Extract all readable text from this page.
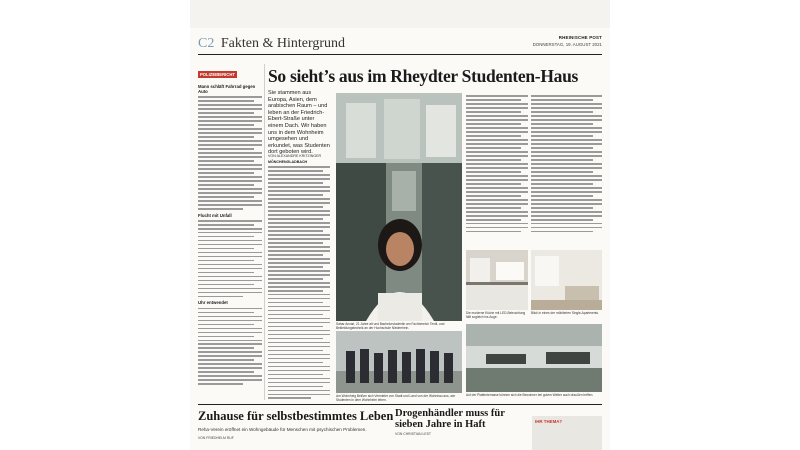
C2 Fakten & Hintergrund	RHEINISCHE POST
DONNERSTAG, 19. AUGUST 2021
POLIZEIBERICHT
Mann schläft Fahrrad gegen Auto
Flucht mit Unfall
Uhr entwendet
So sieht’s aus im Rheydter Studenten-Haus
Sie stammen aus Europa, Asien, dem arabischen Raum – und leben an der Friedrich-Ebert-Straße unter einem Dach. Wir haben uns in dem Wohnheim umgesehen und erkundet, was Studenten dort geboten wird.
VON ALEXANDRE KRITZINGER
MÖNCHENGLADBACH
Sahar Anvari, 21 Jahre alt und Bachelorstudentin am Fachbereich Textil- und Bekleidungstechnik an der Hochschule Niederrhein.
Die moderne Küche mit LED-Beleuchtung fällt sogleich ins Auge.
Blick in eines der möblierten Single-Apartments.
Am Wohnheig Beißen sich Vermieter von Stadt und Land von der Wohnbau aus, wie Studenten in dem Wohnheim leben.
Auf der Plattenterrasse können sich die Bewohner bei gutem Wetter auch draußen treffen.
Zuhause für selbstbestimmtes Leben
Reha-Verein eröffnet ein Wohngebäude für Menschen mit psychischen Problemen.
VON FRIEDHELM RUF
Drogenhändler muss für sieben Jahre in Haft
VON CHRISTIAN LEST
IHR THEMA?
